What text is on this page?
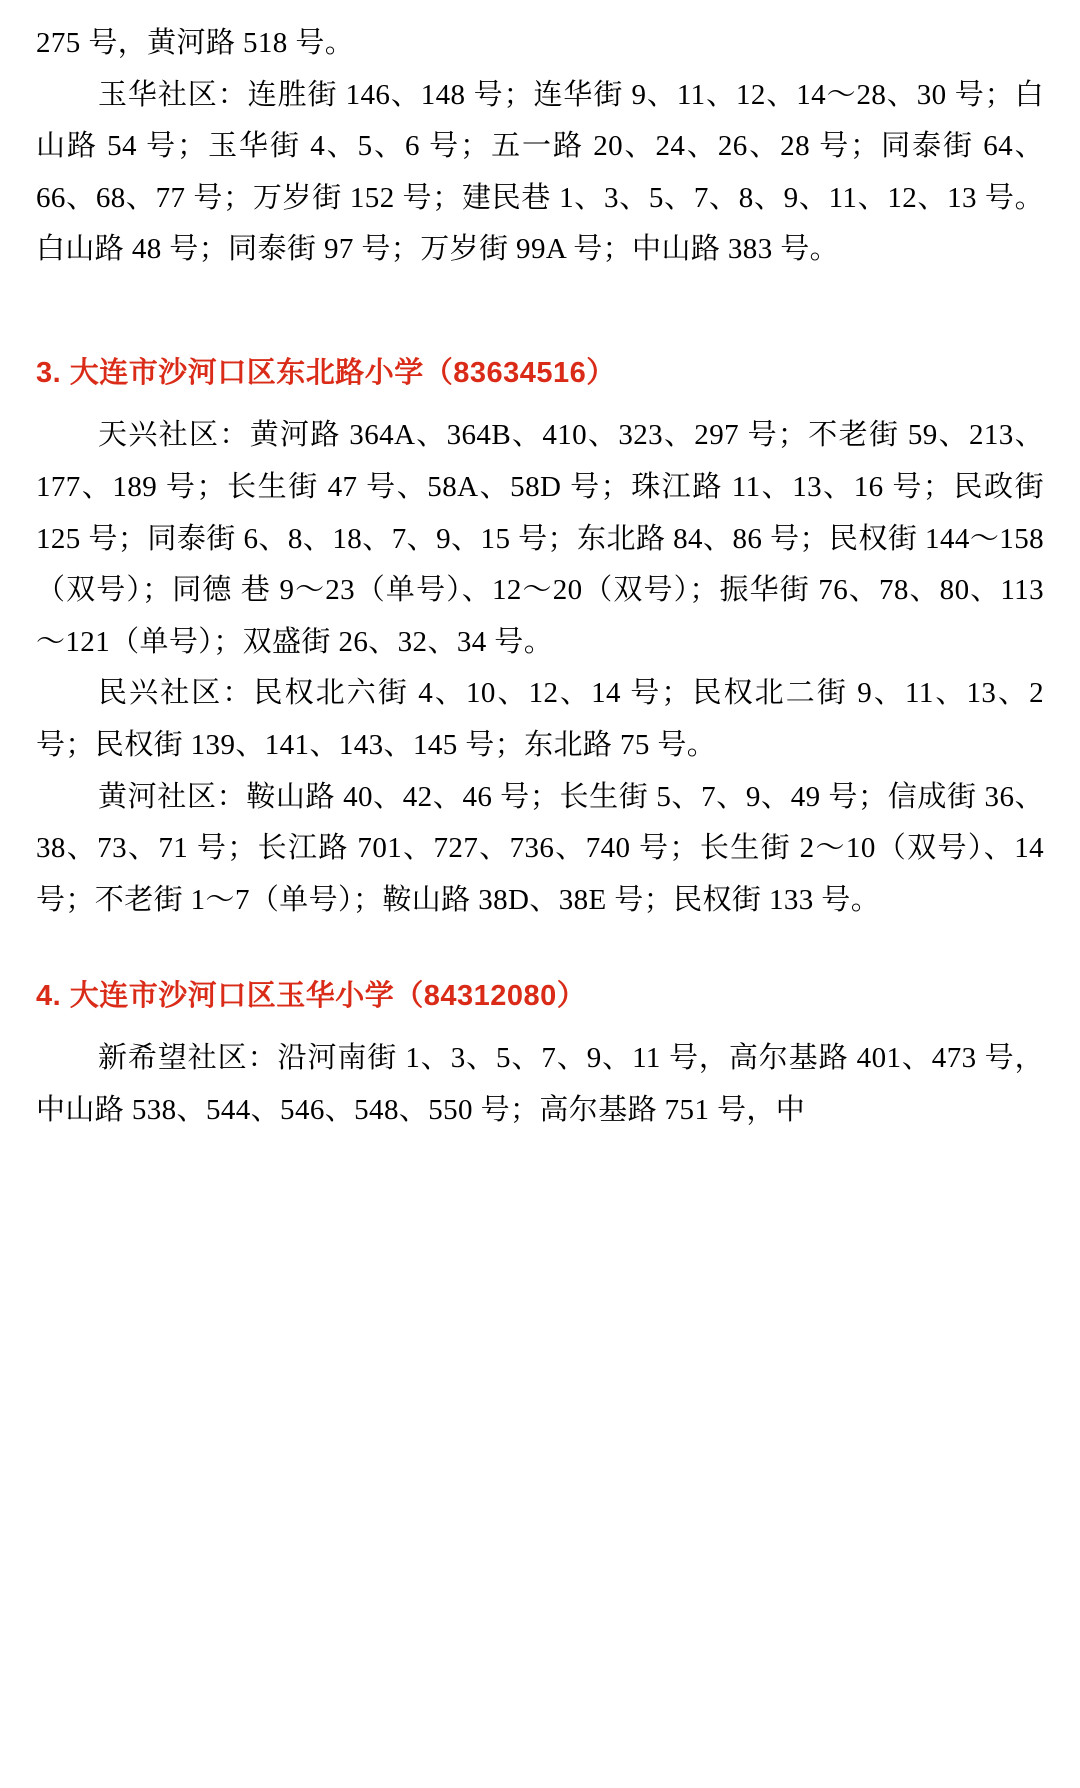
275 号，黄河路 518 号。

玉华社区：连胜街 146、148 号；连华街 9、11、12、14～28、30 号；白山路 54 号；玉华街 4、5、6 号；五一路 20、24、26、28 号；同泰街 64、66、68、77 号；万岁街 152 号；建民巷 1、3、5、7、8、9、11、12、13 号。白山路 48 号；同泰街 97 号；万岁街 99A 号；中山路 383 号。

3. 大连市沙河口区东北路小学（83634516）

天兴社区：黄河路 364A、364B、410、323、297 号；不老街 59、213、177、189 号；长生街 47 号、58A、58D 号；珠江路 11、13、16 号；民政街 125 号；同泰街 6、8、18、7、9、15 号；东北路 84、86 号；民权街 144～158（双号）；同德 巷 9～23（单号）、12～20（双号）；振华街 76、78、80、113～121（单号）；双盛街 26、32、34 号。

民兴社区：民权北六街 4、10、12、14 号；民权北二街 9、11、13、2 号；民权街 139、141、143、145 号；东北路 75 号。

黄河社区：鞍山路 40、42、46 号；长生街 5、7、9、49 号；信成街 36、38、73、71 号；长江路 701、727、736、740 号；长生街 2～10（双号）、14 号；不老街 1～7（单号）；鞍山路 38D、38E 号；民权街 133 号。

4. 大连市沙河口区玉华小学（84312080）

新希望社区：沿河南街 1、3、5、7、9、11 号，高尔基路 401、473 号，中山路 538、544、546、548、550 号；高尔基路 751 号，中
